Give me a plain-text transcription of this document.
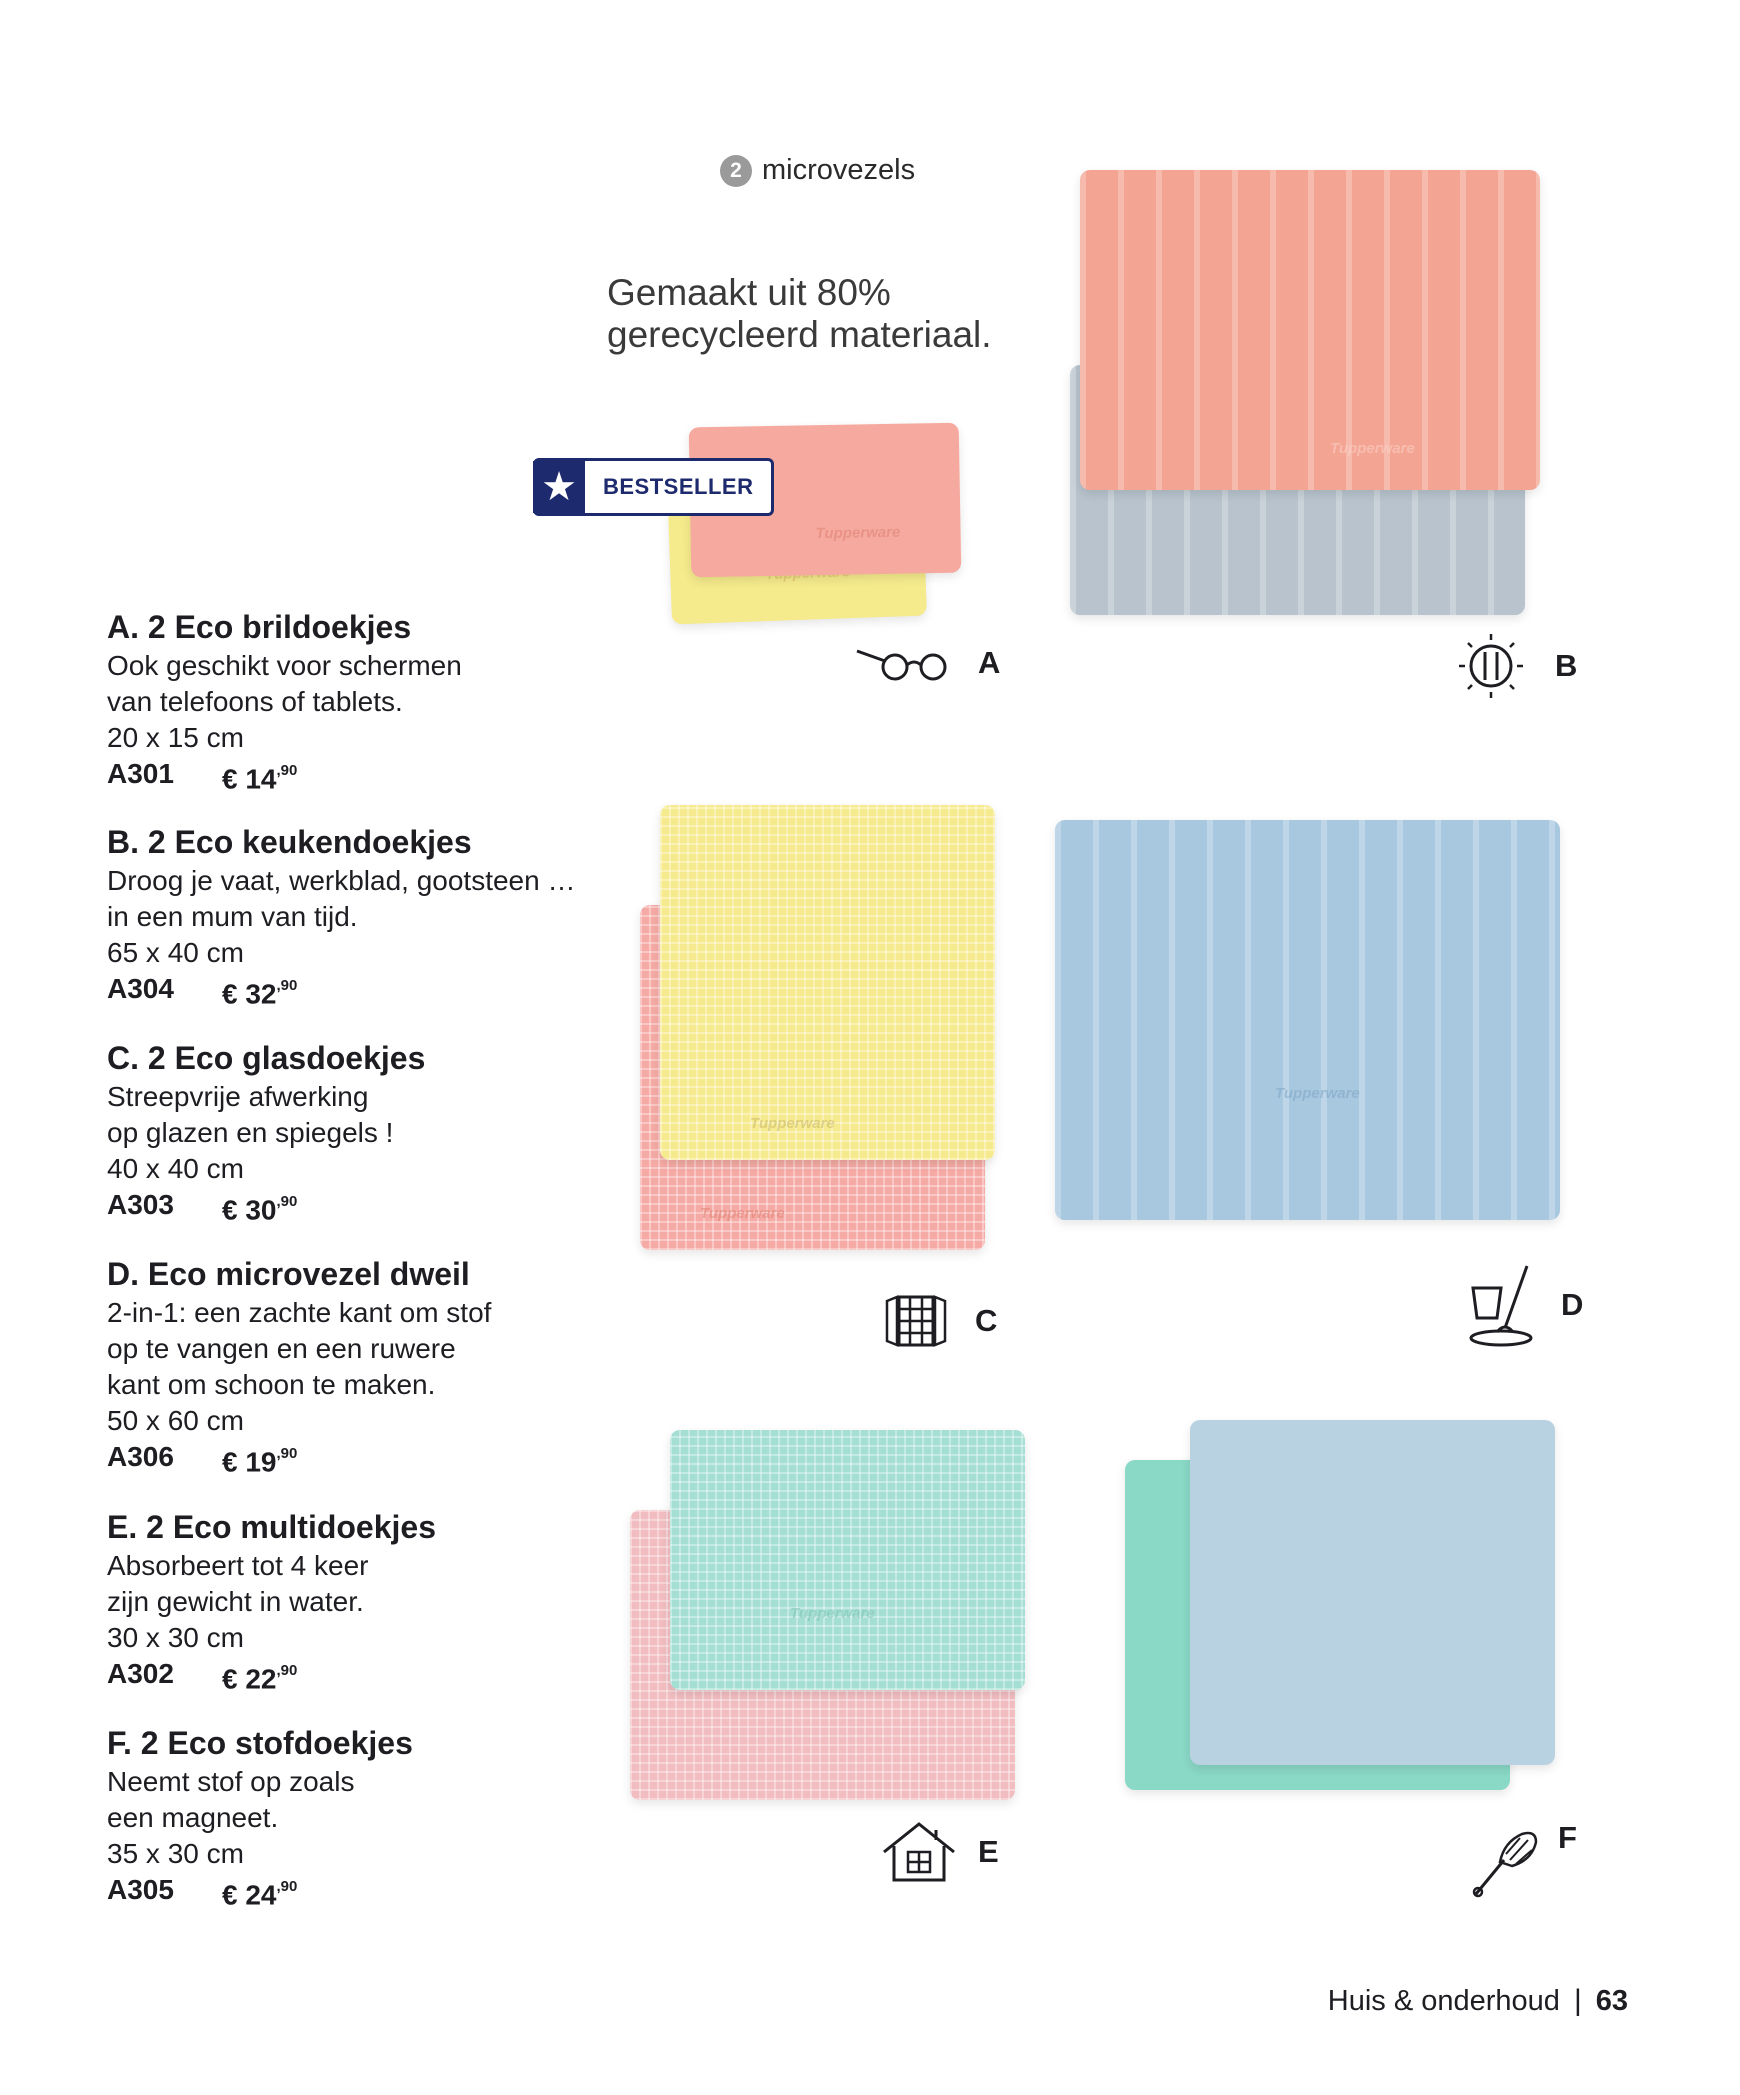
2 microvezels
Gemaakt uit 80%
gerecycleerd materiaal.
A. 2 Eco brildoekjes
Ook geschikt voor schermen
van telefoons of tablets.
20 x 15 cm
A301	€ $14^{,90}$
B. 2 Eco keukendoekjes
Droog je vaat, werkblad, gootsteen …
in een mum van tijd.
65 x 40 cm
A304	€ $32^{,90}$
C. 2 Eco glasdoekjes
Streepvrije afwerking
op glazen en spiegels !
40 x 40 cm
A303	€ $30^{,90}$
D. Eco microvezel dweil
2-in-1: een zachte kant om stof
op te vangen en een ruwere
kant om schoon te maken.
50 x 60 cm
A306	€ $19^{,90}$
E. 2 Eco multidoekjes
Absorbeert tot 4 keer
zijn gewicht in water.
30 x 30 cm
A302	€ $22^{,90}$
F. 2 Eco stofdoekjes
Neemt stof op zoals
een magneet.
35 x 30 cm
A305	€ $24^{,90}$
Tupperware
★	BESTSELLER
Tupperware
Tupperware
Tupperware
Tupperware
Tupperware
A	B
C	D
E	F
Huis & onderhoud | 63
